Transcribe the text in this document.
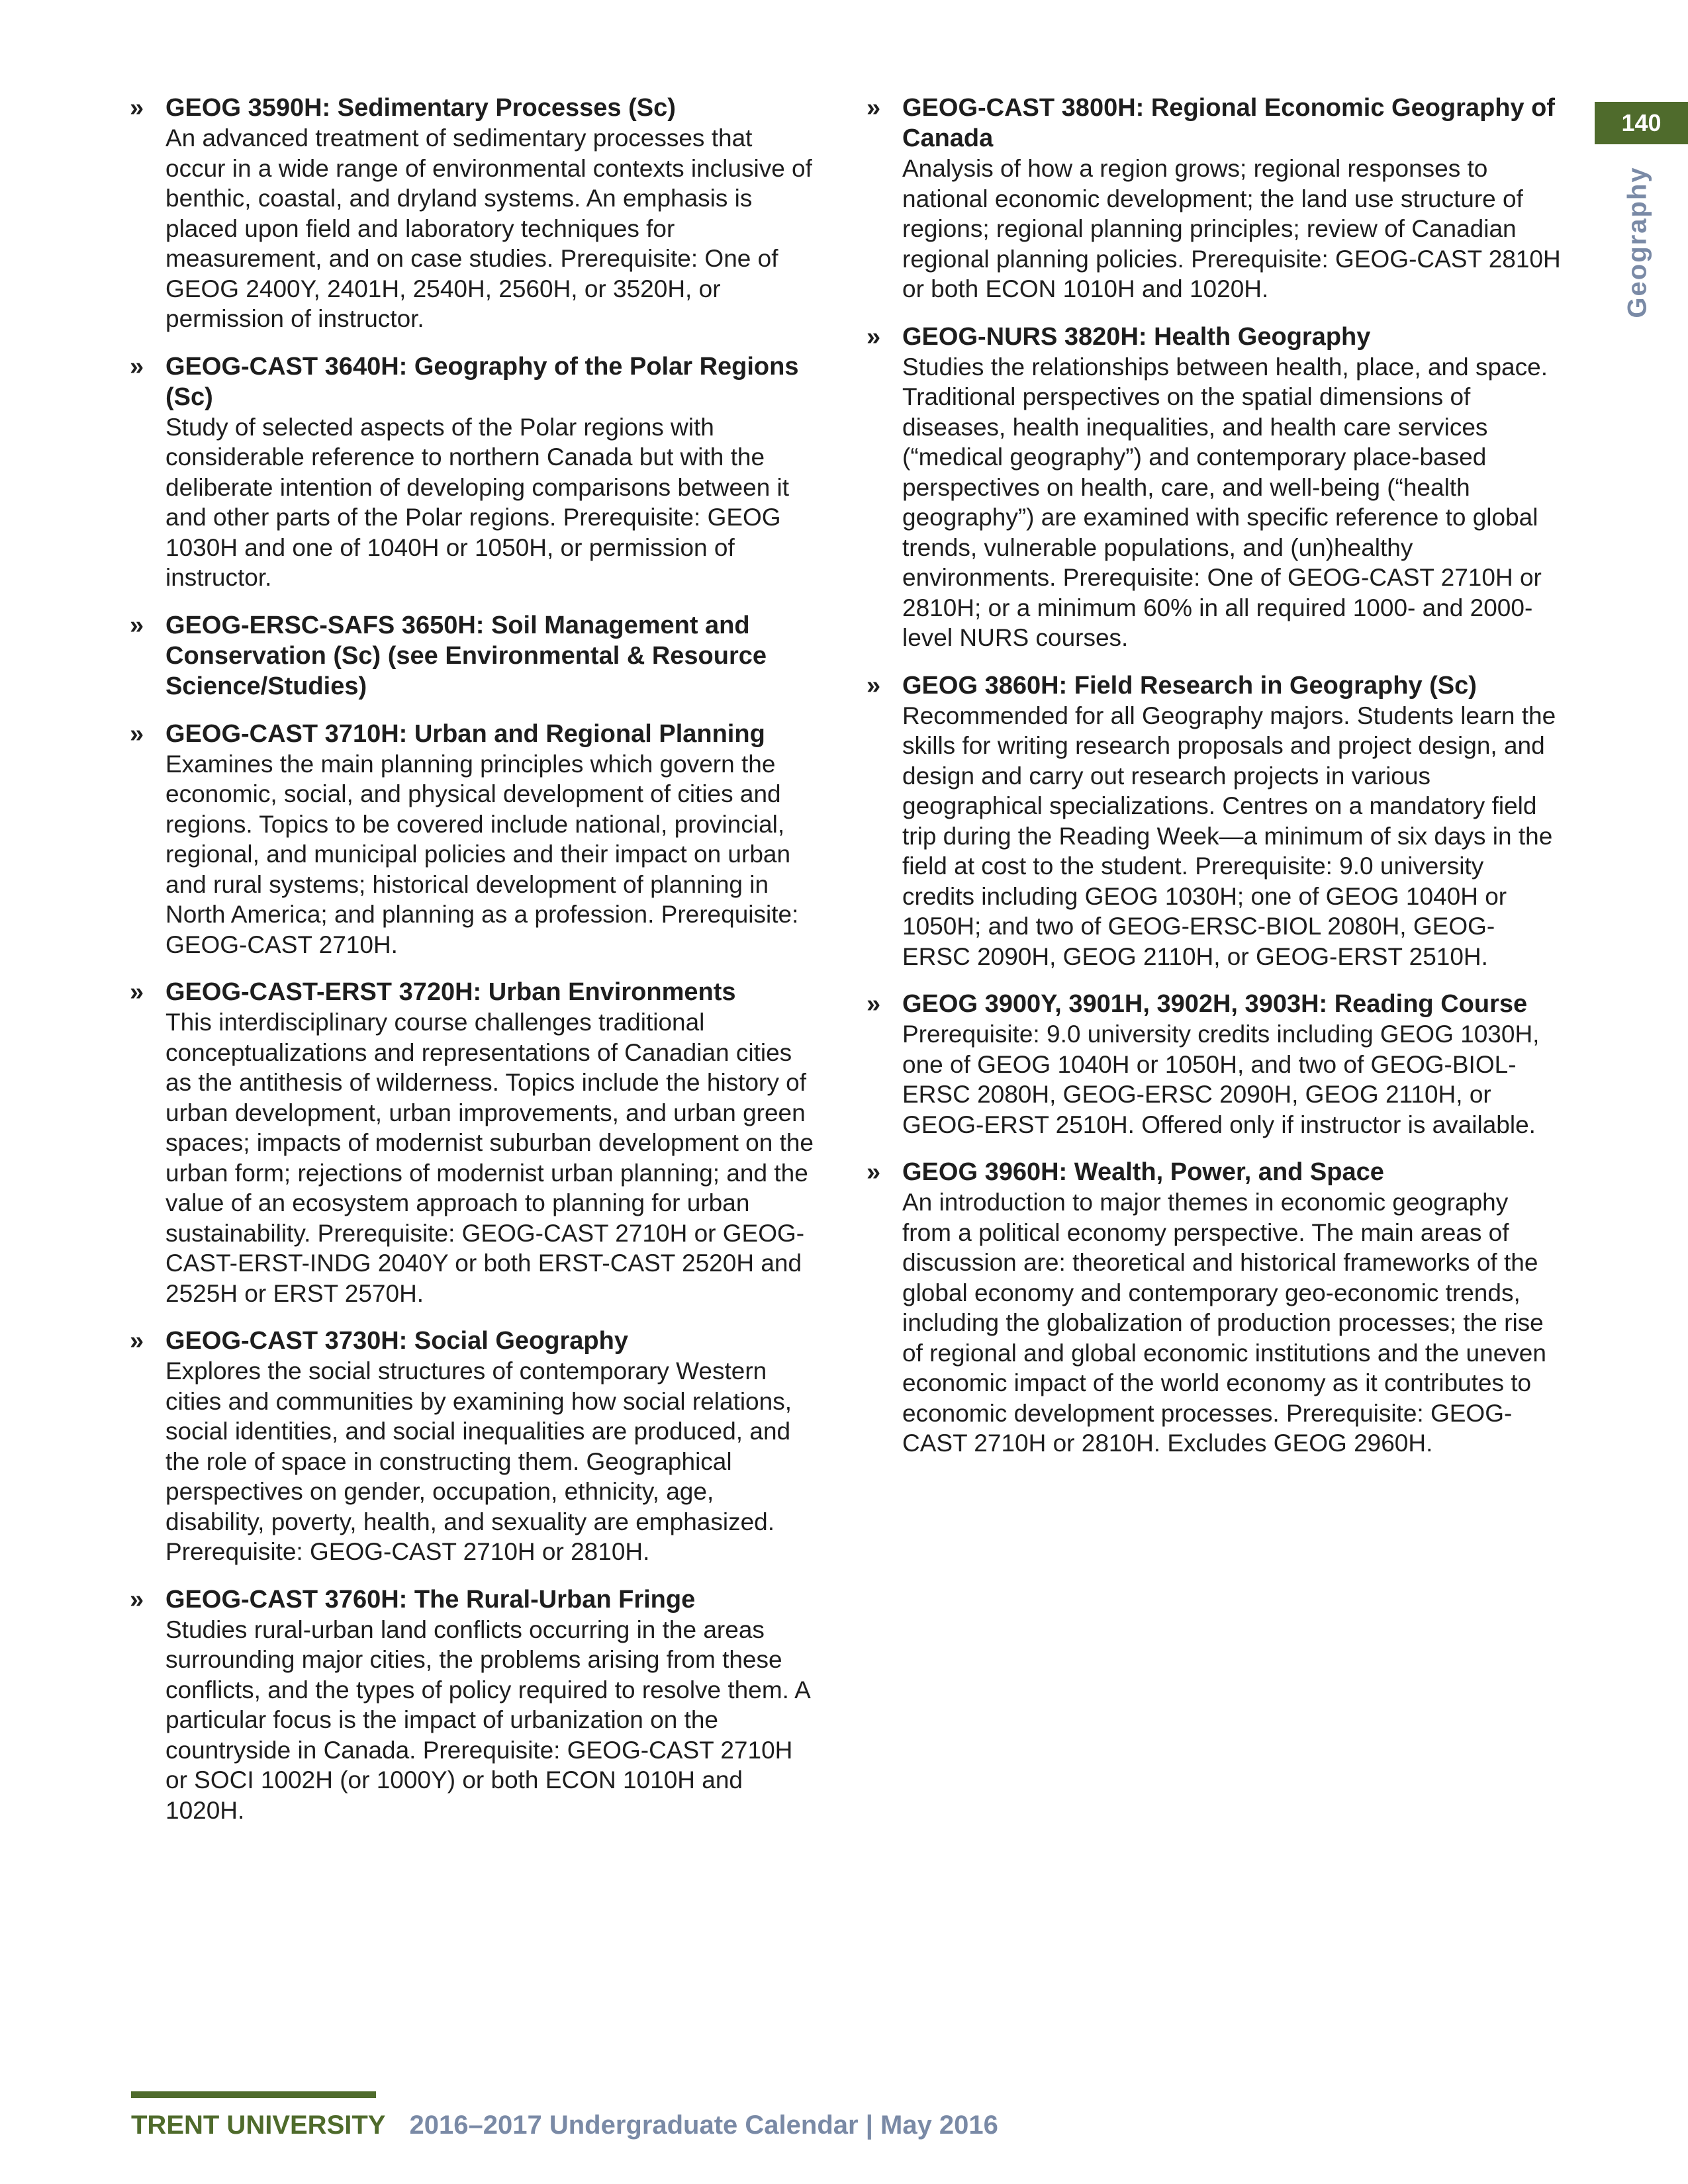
» GEOG 3590H: Sedimentary Processes (Sc)
An advanced treatment of sedimentary processes that occur in a wide range of environmental contexts inclusive of benthic, coastal, and dryland systems. An emphasis is placed upon field and laboratory techniques for measurement, and on case studies. Prerequisite: One of GEOG 2400Y, 2401H, 2540H, 2560H, or 3520H, or permission of instructor.
» GEOG-CAST 3640H: Geography of the Polar Regions (Sc)
Study of selected aspects of the Polar regions with considerable reference to northern Canada but with the deliberate intention of developing comparisons between it and other parts of the Polar regions. Prerequisite: GEOG 1030H and one of 1040H or 1050H, or permission of instructor.
» GEOG-ERSC-SAFS 3650H: Soil Management and Conservation (Sc) (see Environmental & Resource Science/Studies)
» GEOG-CAST 3710H: Urban and Regional Planning
Examines the main planning principles which govern the economic, social, and physical development of cities and regions. Topics to be covered include national, provincial, regional, and municipal policies and their impact on urban and rural systems; historical development of planning in North America; and planning as a profession. Prerequisite: GEOG-CAST 2710H.
» GEOG-CAST-ERST 3720H: Urban Environments
This interdisciplinary course challenges traditional conceptualizations and representations of Canadian cities as the antithesis of wilderness. Topics include the history of urban development, urban improvements, and urban green spaces; impacts of modernist suburban development on the urban form; rejections of modernist urban planning; and the value of an ecosystem approach to planning for urban sustainability. Prerequisite: GEOG-CAST 2710H or GEOG-CAST-ERST-INDG 2040Y or both ERST-CAST 2520H and 2525H or ERST 2570H.
» GEOG-CAST 3730H: Social Geography
Explores the social structures of contemporary Western cities and communities by examining how social relations, social identities, and social inequalities are produced, and the role of space in constructing them. Geographical perspectives on gender, occupation, ethnicity, age, disability, poverty, health, and sexuality are emphasized. Prerequisite: GEOG-CAST 2710H or 2810H.
» GEOG-CAST 3760H: The Rural-Urban Fringe
Studies rural-urban land conflicts occurring in the areas surrounding major cities, the problems arising from these conflicts, and the types of policy required to resolve them. A particular focus is the impact of urbanization on the countryside in Canada. Prerequisite: GEOG-CAST 2710H or SOCI 1002H (or 1000Y) or both ECON 1010H and 1020H.
» GEOG-CAST 3800H: Regional Economic Geography of Canada
Analysis of how a region grows; regional responses to national economic development; the land use structure of regions; regional planning principles; review of Canadian regional planning policies. Prerequisite: GEOG-CAST 2810H or both ECON 1010H and 1020H.
» GEOG-NURS 3820H: Health Geography
Studies the relationships between health, place, and space. Traditional perspectives on the spatial dimensions of diseases, health inequalities, and health care services (“medical geography”) and contemporary place-based perspectives on health, care, and well-being (“health geography”) are examined with specific reference to global trends, vulnerable populations, and (un)healthy environments. Prerequisite: One of GEOG-CAST 2710H or 2810H; or a minimum 60% in all required 1000- and 2000-level NURS courses.
» GEOG 3860H: Field Research in Geography (Sc)
Recommended for all Geography majors. Students learn the skills for writing research proposals and project design, and design and carry out research projects in various geographical specializations. Centres on a mandatory field trip during the Reading Week—a minimum of six days in the field at cost to the student. Prerequisite: 9.0 university credits including GEOG 1030H; one of GEOG 1040H or 1050H; and two of GEOG-ERSC-BIOL 2080H, GEOG-ERSC 2090H, GEOG 2110H, or GEOG-ERST 2510H.
» GEOG 3900Y, 3901H, 3902H, 3903H: Reading Course
Prerequisite: 9.0 university credits including GEOG 1030H, one of GEOG 1040H or 1050H, and two of GEOG-BIOL-ERSC 2080H, GEOG-ERSC 2090H, GEOG 2110H, or GEOG-ERST 2510H. Offered only if instructor is available.
» GEOG 3960H: Wealth, Power, and Space
An introduction to major themes in economic geography from a political economy perspective. The main areas of discussion are: theoretical and historical frameworks of the global economy and contemporary geo-economic trends, including the globalization of production processes; the rise of regional and global economic institutions and the uneven economic impact of the world economy as it contributes to economic development processes. Prerequisite: GEOG-CAST 2710H or 2810H. Excludes GEOG 2960H.
140
Geography
TRENT UNIVERSITY 2016–2017 Undergraduate Calendar | May 2016
